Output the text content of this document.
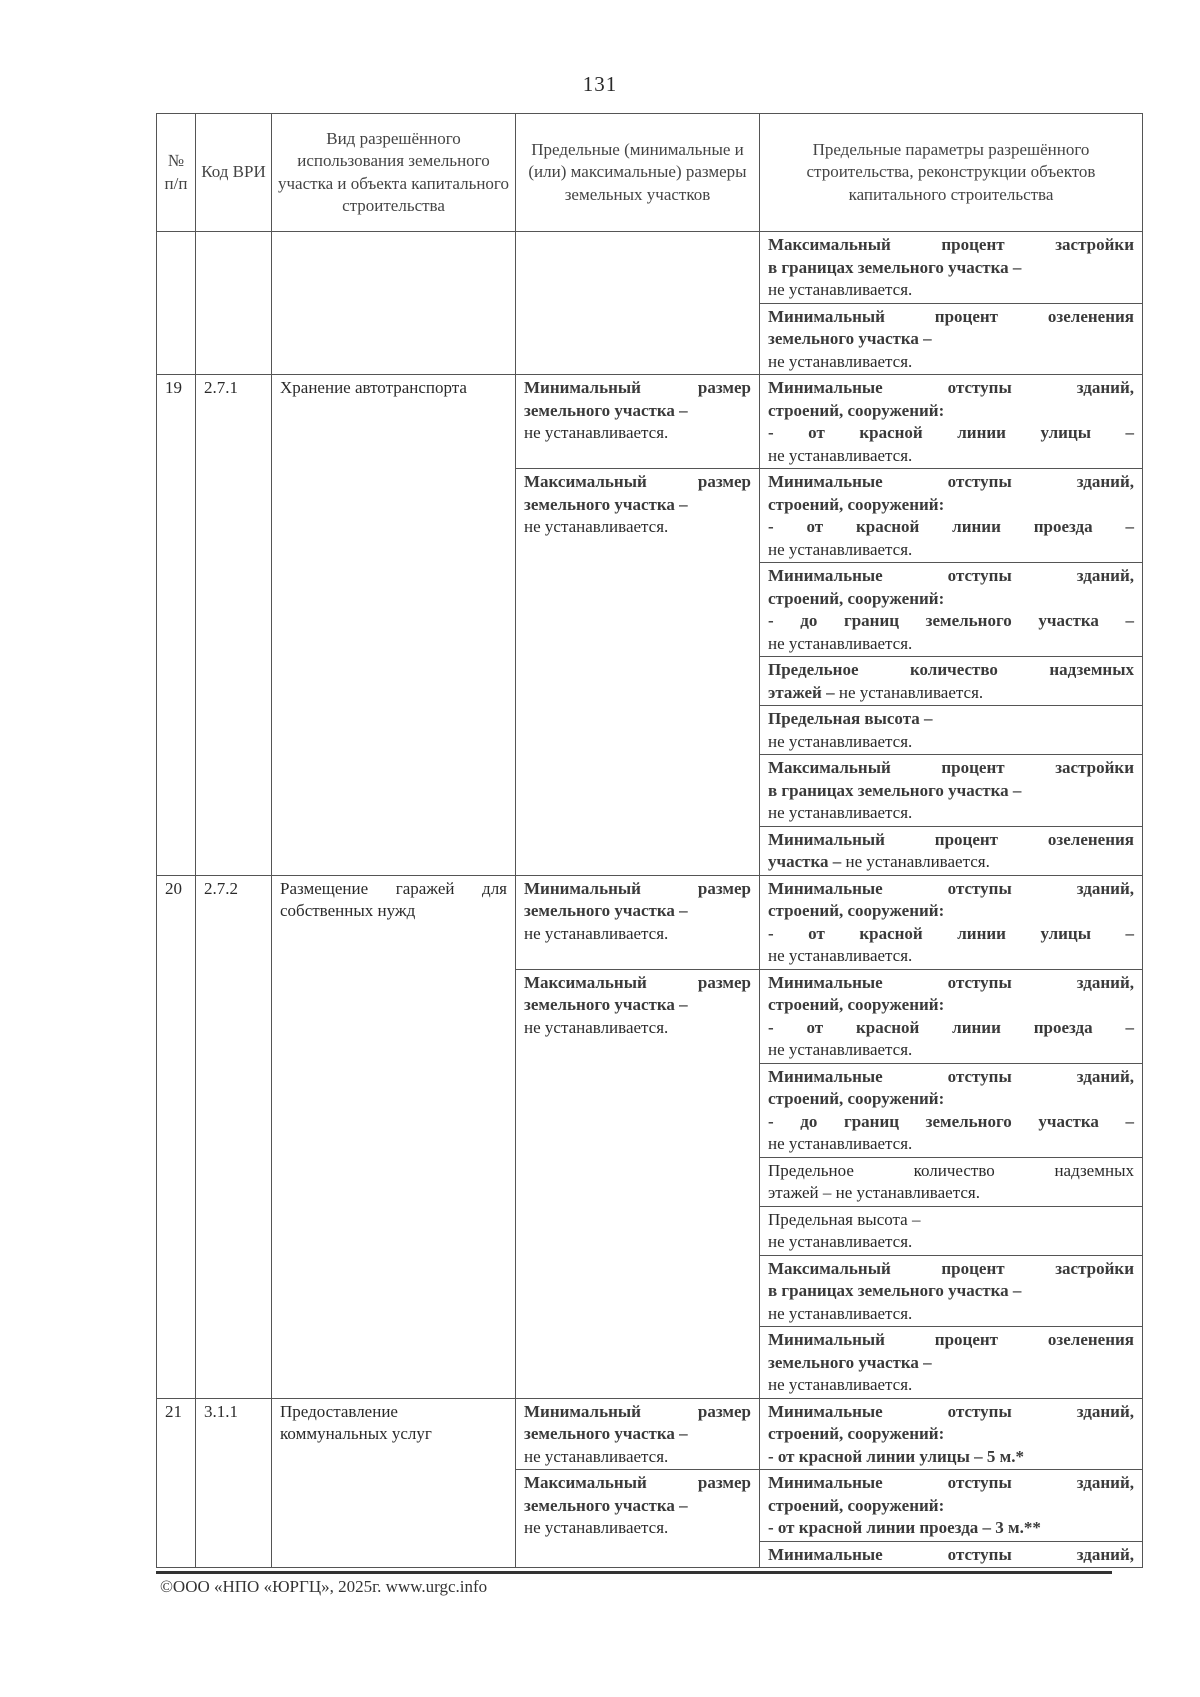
131
№ п/п	Код ВРИ	Вид разрешённого использования земельного участка и объекта капитального строительства	Предельные (минимальные и (или) максимальные) размеры земельных участков	Предельные параметры разрешённого строительства, реконструкции объектов капитального строительства

				Максимальный процент застройки
в границах земельного участка –
не устанавливается.

				Минимальный процент озеленения
земельного участка –
не устанавливается.

19	2.7.1	Хранение автотранспорта	Минимальный размер
земельного участка –
не устанавливается.	Минимальные отступы зданий,
строений, сооружений:
- от красной линии улицы –
не устанавливается.

			Максимальный размер
земельного участка –
не устанавливается.	Минимальные отступы зданий,
строений, сооружений:
- от красной линии проезда –
не устанавливается.

				Минимальные отступы зданий,
строений, сооружений:
- до границ земельного участка –
не устанавливается.

				Предельное количество надземных
этажей – не устанавливается.

				Предельная высота –
не устанавливается.

				Максимальный процент застройки
в границах земельного участка –
не устанавливается.

				Минимальный процент озеленения
участка – не устанавливается.

20	2.7.2	Размещение гаражей для собственных нужд	Минимальный размер
земельного участка –
не устанавливается.	Минимальные отступы зданий,
строений, сооружений:
- от красной линии улицы –
не устанавливается.

			Максимальный размер
земельного участка –
не устанавливается.	Минимальные отступы зданий,
строений, сооружений:
- от красной линии проезда –
не устанавливается.

				Минимальные отступы зданий,
строений, сооружений:
- до границ земельного участка –
не устанавливается.

				Предельное количество надземных
этажей – не устанавливается.

				Предельная высота –
не устанавливается.

				Максимальный процент застройки
в границах земельного участка –
не устанавливается.

				Минимальный процент озеленения
земельного участка –
не устанавливается.

21	3.1.1	Предоставление коммунальных услуг	Минимальный размер
земельного участка –
не устанавливается.	Минимальные отступы зданий,
строений, сооружений:
- от красной линии улицы – 5 м.*

			Максимальный размер
земельного участка –
не устанавливается.	Минимальные отступы зданий,
строений, сооружений:
- от красной линии проезда – 3 м.**

				Минимальные отступы зданий,
©ООО «НПО «ЮРГЦ», 2025г. www.urgc.info
